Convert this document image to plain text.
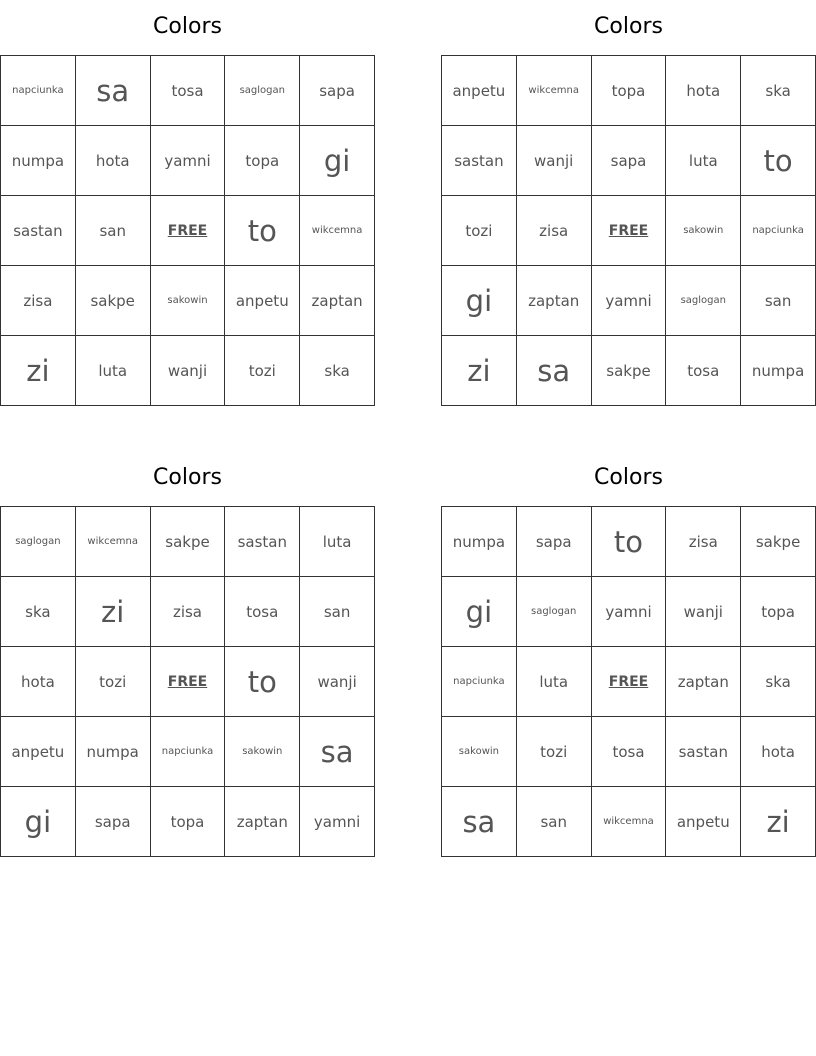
Colors
napciunka	sa	tosa	saglogan	sapa
numpa	hota	yamni	topa	gi
sastan	san	FREE	to	wikcemna
zisa	sakpe	sakowin	anpetu	zaptan
zi	luta	wanji	tozi	ska
Colors
anpetu	wikcemna	topa	hota	ska
sastan	wanji	sapa	luta	to
tozi	zisa	FREE	sakowin	napciunka
gi	zaptan	yamni	saglogan	san
zi	sa	sakpe	tosa	numpa
Colors
saglogan	wikcemna	sakpe	sastan	luta
ska	zi	zisa	tosa	san
hota	tozi	FREE	to	wanji
anpetu	numpa	napciunka	sakowin	sa
gi	sapa	topa	zaptan	yamni
Colors
numpa	sapa	to	zisa	sakpe
gi	saglogan	yamni	wanji	topa
napciunka	luta	FREE	zaptan	ska
sakowin	tozi	tosa	sastan	hota
sa	san	wikcemna	anpetu	zi
